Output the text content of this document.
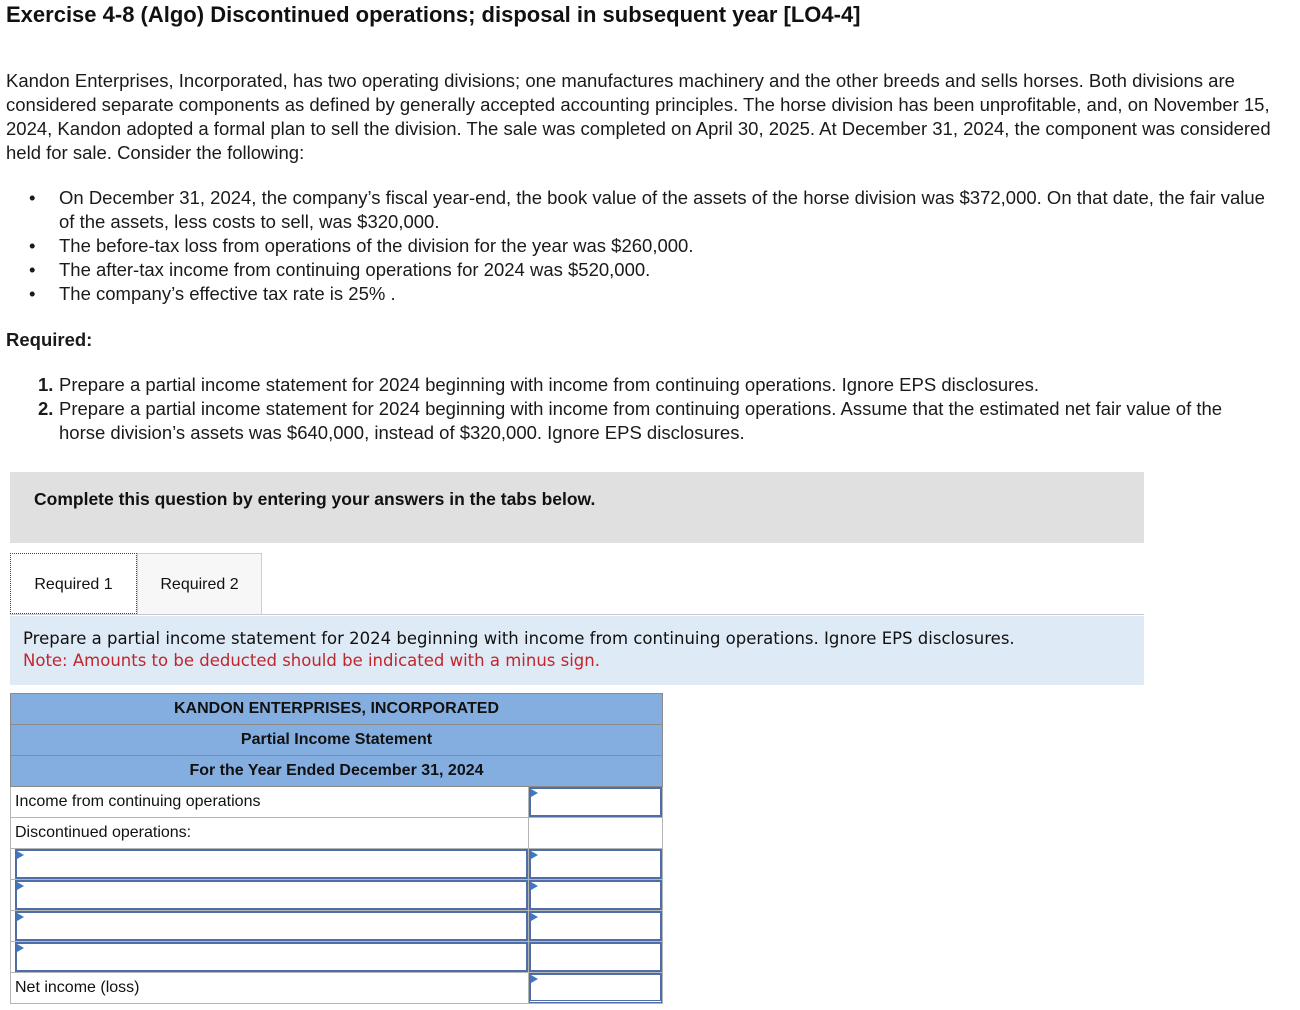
Exercise 4-8 (Algo) Discontinued operations; disposal in subsequent year [LO4-4]

Kandon Enterprises, Incorporated, has two operating divisions; one manufactures machinery and the other breeds and sells horses. Both divisions are considered separate components as defined by generally accepted accounting principles. The horse division has been unprofitable, and, on November 15, 2024, Kandon adopted a formal plan to sell the division. The sale was completed on April 30, 2025. At December 31, 2024, the component was considered held for sale. Consider the following:

• On December 31, 2024, the company’s fiscal year-end, the book value of the assets of the horse division was $372,000. On that date, the fair value of the assets, less costs to sell, was $320,000.
• The before-tax loss from operations of the division for the year was $260,000.
• The after-tax income from continuing operations for 2024 was $520,000.
• The company’s effective tax rate is 25% .
Required:
1. Prepare a partial income statement for 2024 beginning with income from continuing operations. Ignore EPS disclosures.
2. Prepare a partial income statement for 2024 beginning with income from continuing operations. Assume that the estimated net fair value of the horse division’s assets was $640,000, instead of $320,000. Ignore EPS disclosures.
Complete this question by entering your answers in the tabs below.
Required 1	Required 2
Prepare a partial income statement for 2024 beginning with income from continuing operations. Ignore EPS disclosures.
Note: Amounts to be deducted should be indicated with a minus sign.
KANDON ENTERPRISES, INCORPORATED	
Partial Income Statement	
For the Year Ended December 31, 2024	
Income from continuing operations	

Discontinued operations:	

Net income (loss)	
